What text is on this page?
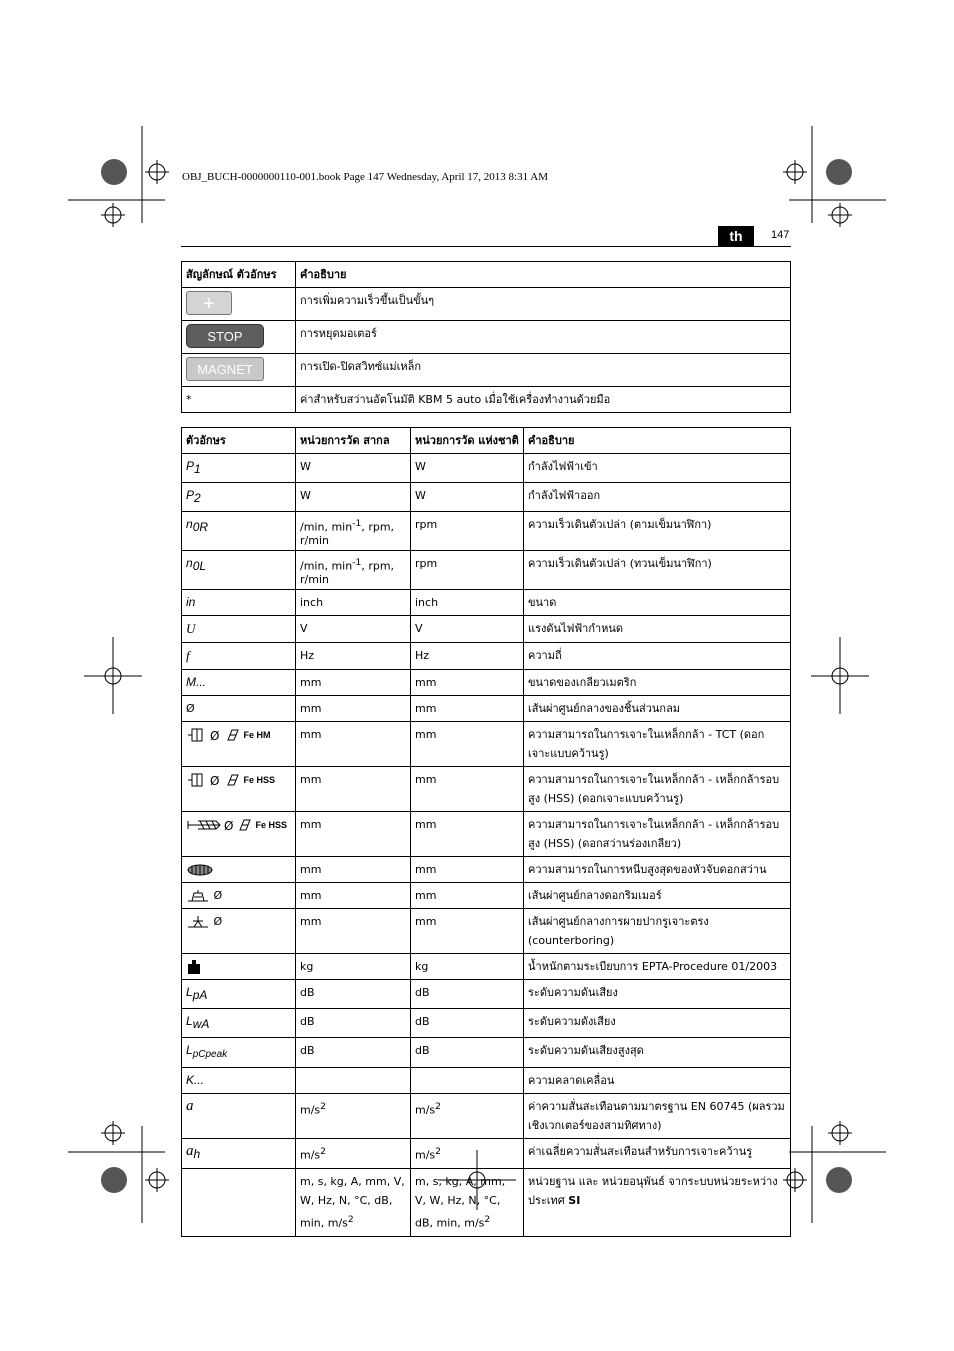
OBJ_BUCH-0000000110-001.book Page 147 Wednesday, April 17, 2013 8:31 AM
th	147
สัญลักษณ์ ตัวอักษร	คำอธิบาย
+	การเพิ่มความเร็วขึ้นเป็นขั้นๆ
STOP	การหยุดมอเตอร์
MAGNET	การเปิด-ปิดสวิทซ์แม่เหล็ก
*	ค่าสำหรับสว่านอัตโนมัติ KBM 5 auto เมื่อใช้เครื่องทำงานด้วยมือ
ตัวอักษร	หน่วยการวัด สากล	หน่วยการวัด แห่งชาติ	คำอธิบาย
$P_1$	W	W	กำลังไฟฟ้าเข้า
$P_2$	W	W	กำลังไฟฟ้าออก
$n_{0R}$	/min, $\min^{-1}$, rpm, r/min	rpm	ความเร็วเดินตัวเปล่า (ตามเข็มนาฬิกา)
$n_{0L}$	/min, $\min^{-1}$, rpm, r/min	rpm	ความเร็วเดินตัวเปล่า (ทวนเข็มนาฬิกา)
in	inch	inch	ขนาด
U	V	V	แรงดันไฟฟ้ากำหนด
f	Hz	Hz	ความถี่
M...	mm	mm	ขนาดของเกลียวเมตริก
Ø	mm	mm	เส้นผ่าศูนย์กลางของชิ้นส่วนกลม

Ø Fe HM	mm	mm	ความสามารถในการเจาะในเหล็กกล้า - TCT (ดอกเจาะแบบคว้านรู)

Ø Fe HSS	mm	mm	ความสามารถในการเจาะในเหล็กกล้า - เหล็กกล้ารอบสูง (HSS) (ดอกเจาะแบบคว้านรู)

Ø Fe HSS	mm	mm	ความสามารถในการเจาะในเหล็กกล้า - เหล็กกล้ารอบสูง (HSS) (ดอกสว่านร่องเกลียว)
	mm	mm	ความสามารถในการหนีบสูงสุดของหัวจับดอกสว่าน
Ø	mm	mm	เส้นผ่าศูนย์กลางดอกริมเมอร์
Ø	mm	mm	เส้นผ่าศูนย์กลางการผายปากรูเจาะตรง (counterboring)
	kg	kg	น้ำหนักตามระเบียบการ EPTA-Procedure 01/2003
$L_{pA}$	dB	dB	ระดับความดันเสียง
$L_{wA}$	dB	dB	ระดับความดังเสียง
$L_{pCpeak}$	dB	dB	ระดับความดันเสียงสูงสุด
K...			ความคลาดเคลื่อน
a	$m/s^2$	$m/s^2$	ค่าความสั่นสะเทือนตามมาตรฐาน EN 60745 (ผลรวมเชิงเวกเตอร์ของสามทิศทาง)
$a_h$	$m/s^2$	$m/s^2$	ค่าเฉลี่ยความสั่นสะเทือนสำหรับการเจาะคว้านรู
	m, s, kg, A, mm, V, W, Hz, N, °C, dB, min, $m/s^2$	m, s, kg, A, mm, V, W, Hz, N, °C, dB, min, $m/s^2$	หน่วยฐาน และ หน่วยอนุพันธ์ จากระบบหน่วยระหว่างประเทศ SI
